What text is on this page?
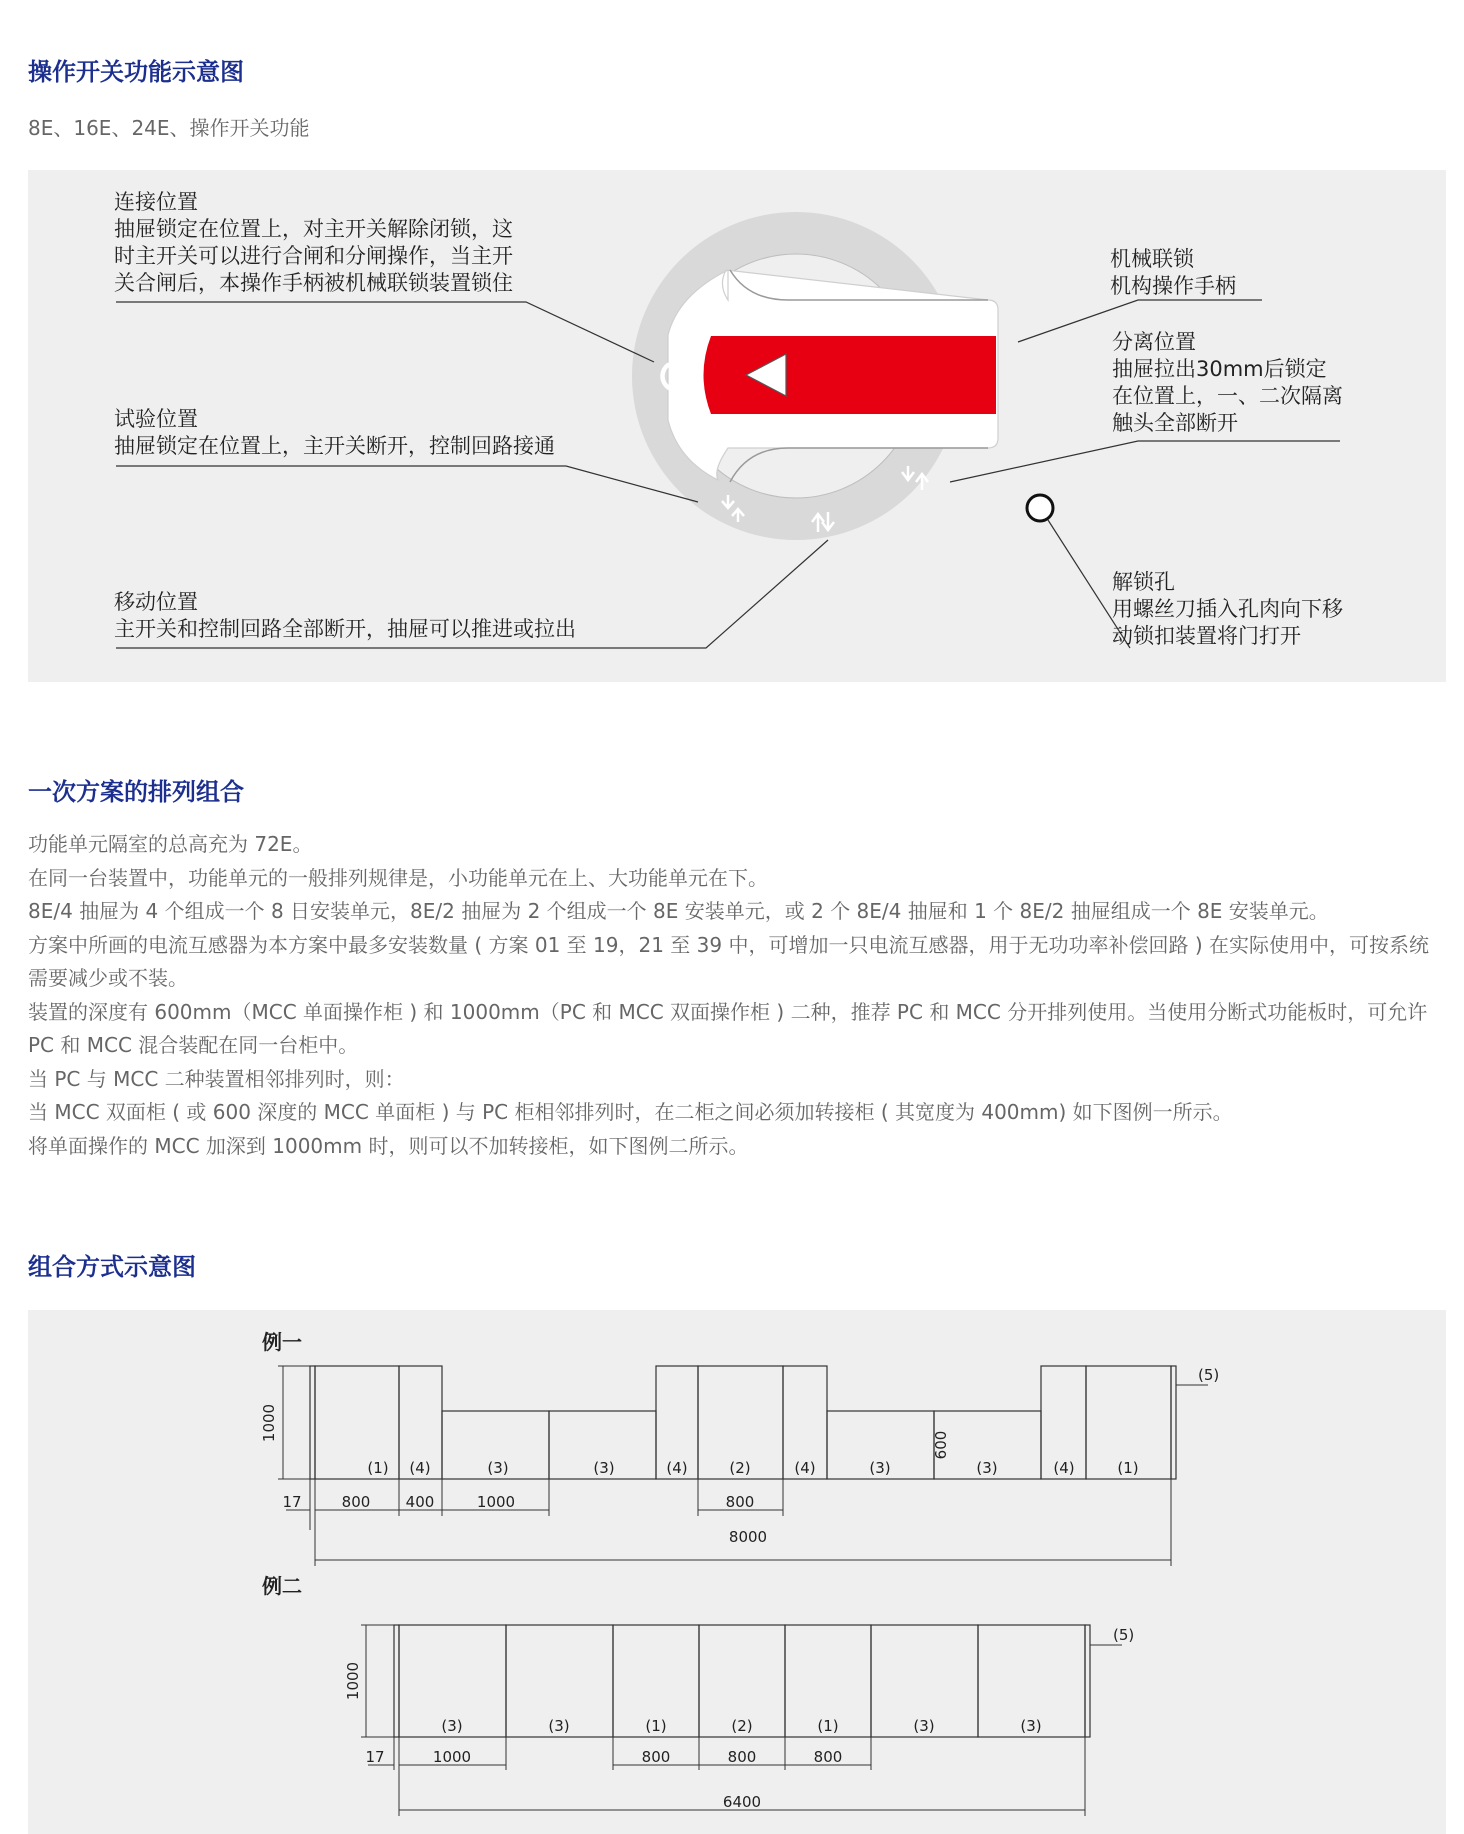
操作开关功能示意图
8E、16E、24E、操作开关功能
连接位置
抽屉锁定在位置上，对主开关解除闭锁，这
时主开关可以进行合闸和分闸操作，当主开
关合闸后，本操作手柄被机械联锁装置锁住
试验位置
抽屉锁定在位置上，主开关断开，控制回路接通
移动位置
主开关和控制回路全部断开，抽屉可以推进或拉出
机械联锁
机构操作手柄
分离位置
抽屉拉出30mm后锁定
在位置上，一、二次隔离
触头全部断开
解锁孔
用螺丝刀插入孔肉向下移
动锁扣装置将门打开
一次方案的排列组合

功能单元隔室的总高充为 72E。

在同一台装置中，功能单元的一般排列规律是，小功能单元在上、大功能单元在下。

8E/4 抽屉为 4 个组成一个 8 日安装单元，8E/2 抽屉为 2 个组成一个 8E 安装单元，或 2 个 8E/4 抽屉和 1 个 8E/2 抽屉组成一个 8E 安装单元。

方案中所画的电流互感器为本方案中最多安装数量 ( 方案 01 至 19，21 至 39 中，可增加一只电流互感器，用于无功功率补偿回路 ) 在实际使用中，可按系统需要减少或不装。

装置的深度有 600mm（MCC 单面操作柜 ) 和 1000mm（PC 和 MCC 双面操作柜 ) 二种，推荐 PC 和 MCC 分开排列使用。当使用分断式功能板时，可允许 PC 和 MCC 混合装配在同一台柜中。

当 PC 与 MCC 二种装置相邻排列时，则：

当 MCC 双面柜 ( 或 600 深度的 MCC 单面柜 ) 与 PC 柜相邻排列时，在二柜之间必须加转接柜 ( 其宽度为 400mm) 如下图例一所示。

将单面操作的 MCC 加深到 1000mm 时，则可以不加转接柜，如下图例二所示。

组合方式示意图
例一
1000
600
(1) (4)	(3)	(3)	(4)	(2)	(4)	(3)	(3)	(4)	(1)
(5)
17	800 400	1000	800
8000
例二
1000
(3)	(3)	(1)	(2)	(1)	(3)	(3)
(5)
17	1000	800	800	800
6400
